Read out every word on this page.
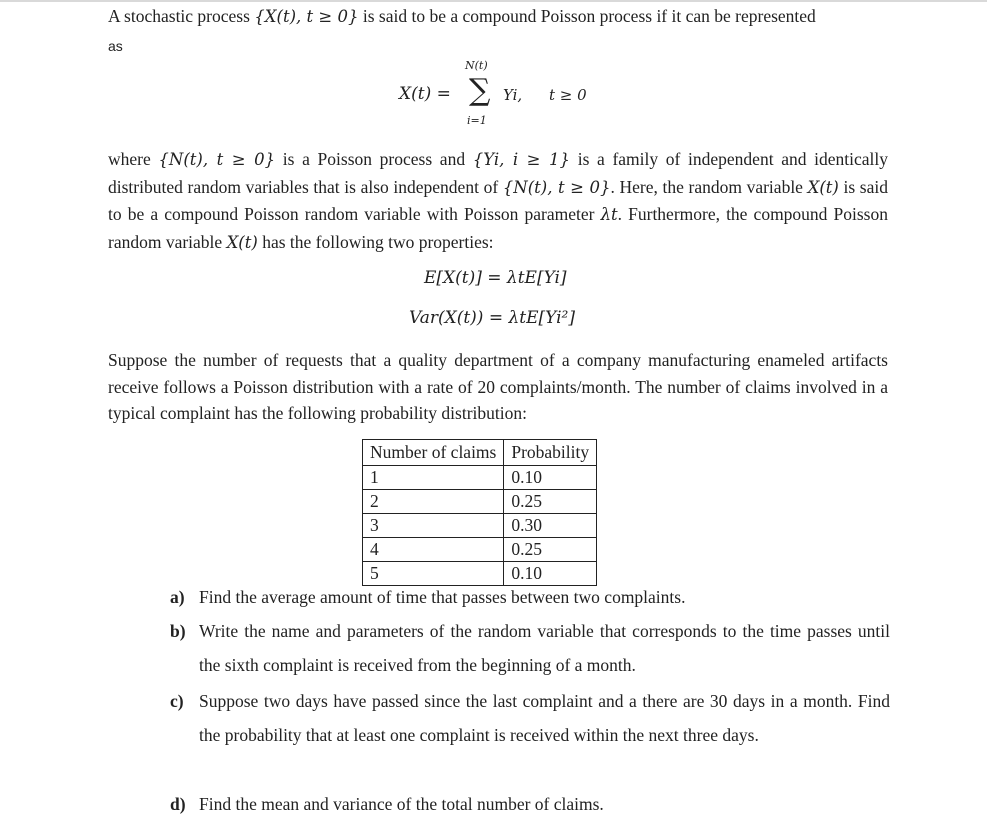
A stochastic process {X(t), t ≥ 0} is said to be a compound Poisson process if it can be represented
as
X(t) =
N(t)
∑
i=1
Yi, t ≥ 0
where {N(t), t ≥ 0} is a Poisson process and {Yi, i ≥ 1} is a family of independent and identically distributed random variables that is also independent of {N(t), t ≥ 0}. Here, the random variable X(t) is said to be a compound Poisson random variable with Poisson parameter λt. Furthermore, the compound Poisson random variable X(t) has the following two properties:
E[X(t)] = λtE[Yi]
Var(X(t)) = λtE[Yi²]
Suppose the number of requests that a quality department of a company manufacturing enameled artifacts receive follows a Poisson distribution with a rate of 20 complaints/month. The number of claims involved in a typical complaint has the following probability distribution:
Number of claims	Probability
1	0.10
2	0.25
3	0.30
4	0.25
5	0.10
a) Find the average amount of time that passes between two complaints.
b) Write the name and parameters of the random variable that corresponds to the time passes until the sixth complaint is received from the beginning of a month.
c) Suppose two days have passed since the last complaint and a there are 30 days in a month. Find the probability that at least one complaint is received within the next three days.
d) Find the mean and variance of the total number of claims.
